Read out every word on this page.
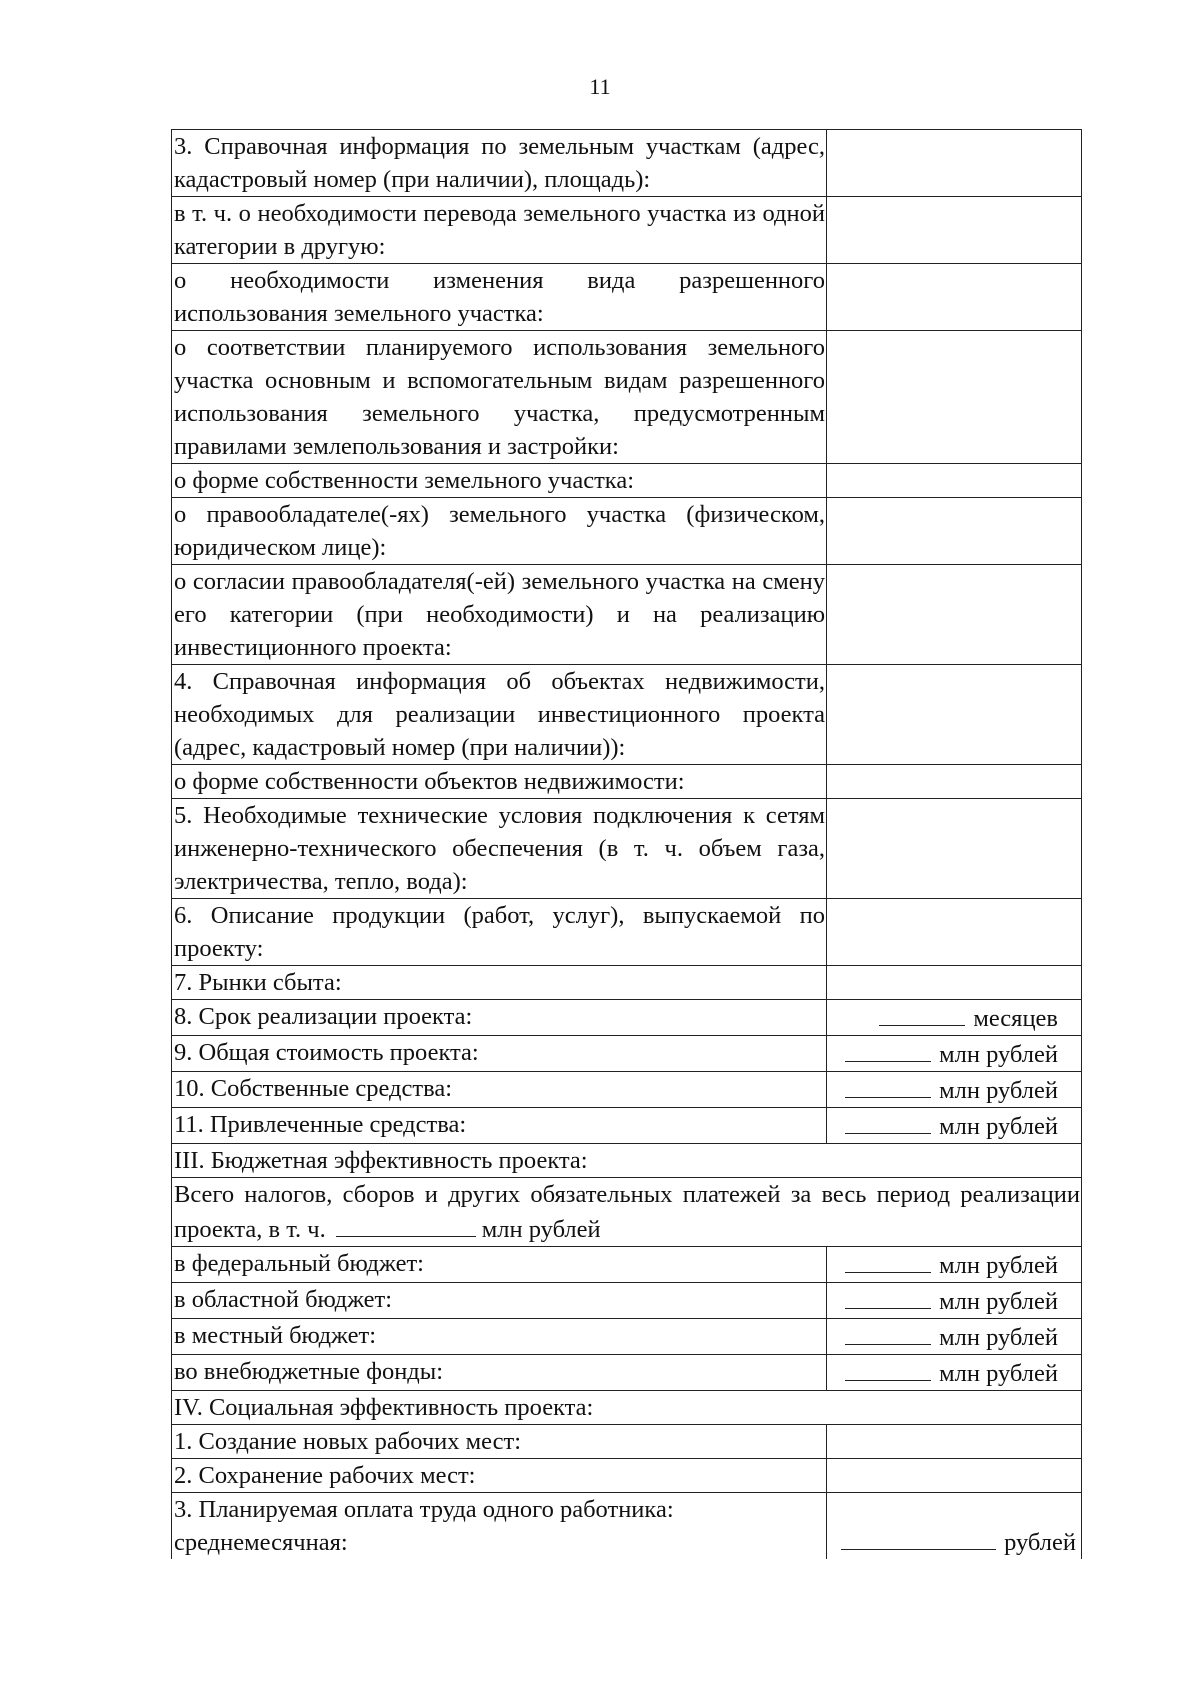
11
3. Справочная информация по земельным участкам (адрес, кадастровый номер (при наличии), площадь):	
в т. ч. о необходимости перевода земельного участка из одной категории в другую:	
о необходимости изменения вида разрешенного использования земельного участка:	
о соответствии планируемого использования земельного участка основным и вспомогательным видам разрешенного использования земельного участка, предусмотренным правилами землепользования и застройки:	
о форме собственности земельного участка:	
о правообладателе(-ях) земельного участка (физическом, юридическом лице):	
о согласии правообладателя(-ей) земельного участка на смену его категории (при необходимости) и на реализацию инвестиционного проекта:	
4. Справочная информация об объектах недвижимости, необходимых для реализации инвестиционного проекта (адрес, кадастровый номер (при наличии)):	
о форме собственности объектов недвижимости:	
5. Необходимые технические условия подключения к сетям инженерно-технического обеспечения (в т. ч. объем газа, электричества, тепло, вода):	
6. Описание продукции (работ, услуг), выпускаемой по проекту:	
7. Рынки сбыта:	
8. Срок реализации проекта:	месяцев
9. Общая стоимость проекта:	млн рублей
10. Собственные средства:	млн рублей
11. Привлеченные средства:	млн рублей
III. Бюджетная эффективность проекта:	
Всего налогов, сборов и других обязательных платежей за весь период реализации проекта, в т. ч. млн рублей	
в федеральный бюджет:	млн рублей
в областной бюджет:	млн рублей
в местный бюджет:	млн рублей
во внебюджетные фонды:	млн рублей
IV. Социальная эффективность проекта:	
1. Создание новых рабочих мест:	
2. Сохранение рабочих мест:	

3. Планируемая оплата труда одного работника:
среднемесячная:	рублей
